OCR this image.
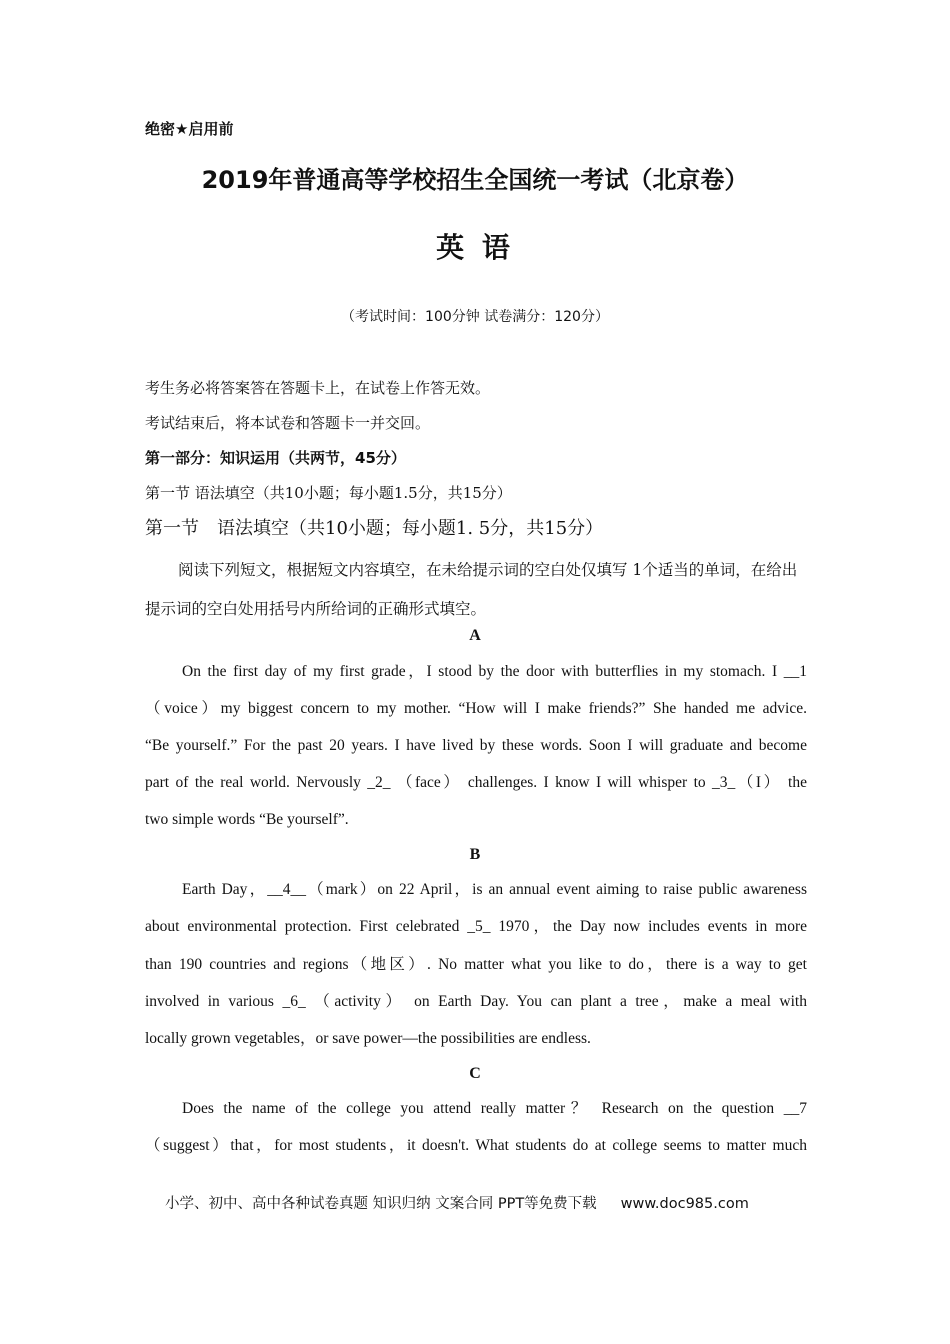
绝密★启用前
2019年普通高等学校招生全国统一考试（北京卷）
英 语
（考试时间：100分钟 试卷满分：120分）
考生务必将答案答在答题卡上，在试卷上作答无效。
考试结束后，将本试卷和答题卡一并交回。
第一部分：知识运用（共两节，45分）
第一节 语法填空（共10小题；每小题1.5分，共15分）
第一节　语法填空（共10小题；每小题1. 5分，共15分）
阅读下列短文，根据短文内容填空，在未给提示词的空白处仅填写 1个适当的单词，在给出提示词的空白处用括号内所给词的正确形式填空。
A
On the first day of my first grade，I stood by the door with butterflies in my stomach. I __1
（voice）my biggest concern to my mother. “How will I make friends?” She handed me advice.
“Be yourself.” For the past 20 years. I have lived by these words. Soon I will graduate and become
part of the real world. Nervously _2_ （face） challenges. I know I will whisper to _3_（I） the
two simple words “Be yourself”.
B
Earth Day，__4__（mark）on 22 April，is an annual event aiming to raise public awareness
about environmental protection. First celebrated _5_ 1970，the Day now includes events in more
than 190 countries and regions（地区）. No matter what you like to do，there is a way to get
involved in various _6_ （activity） on Earth Day. You can plant a tree，make a meal with
locally grown vegetables，or save power—the possibilities are endless.
C
Does the name of the college you attend really matter？ Research on the question __7
（suggest）that，for most students，it doesn't. What students do at college seems to matter much
小学、初中、高中各种试卷真题 知识归纳 文案合同 PPT等免费下载 www.doc985.com
